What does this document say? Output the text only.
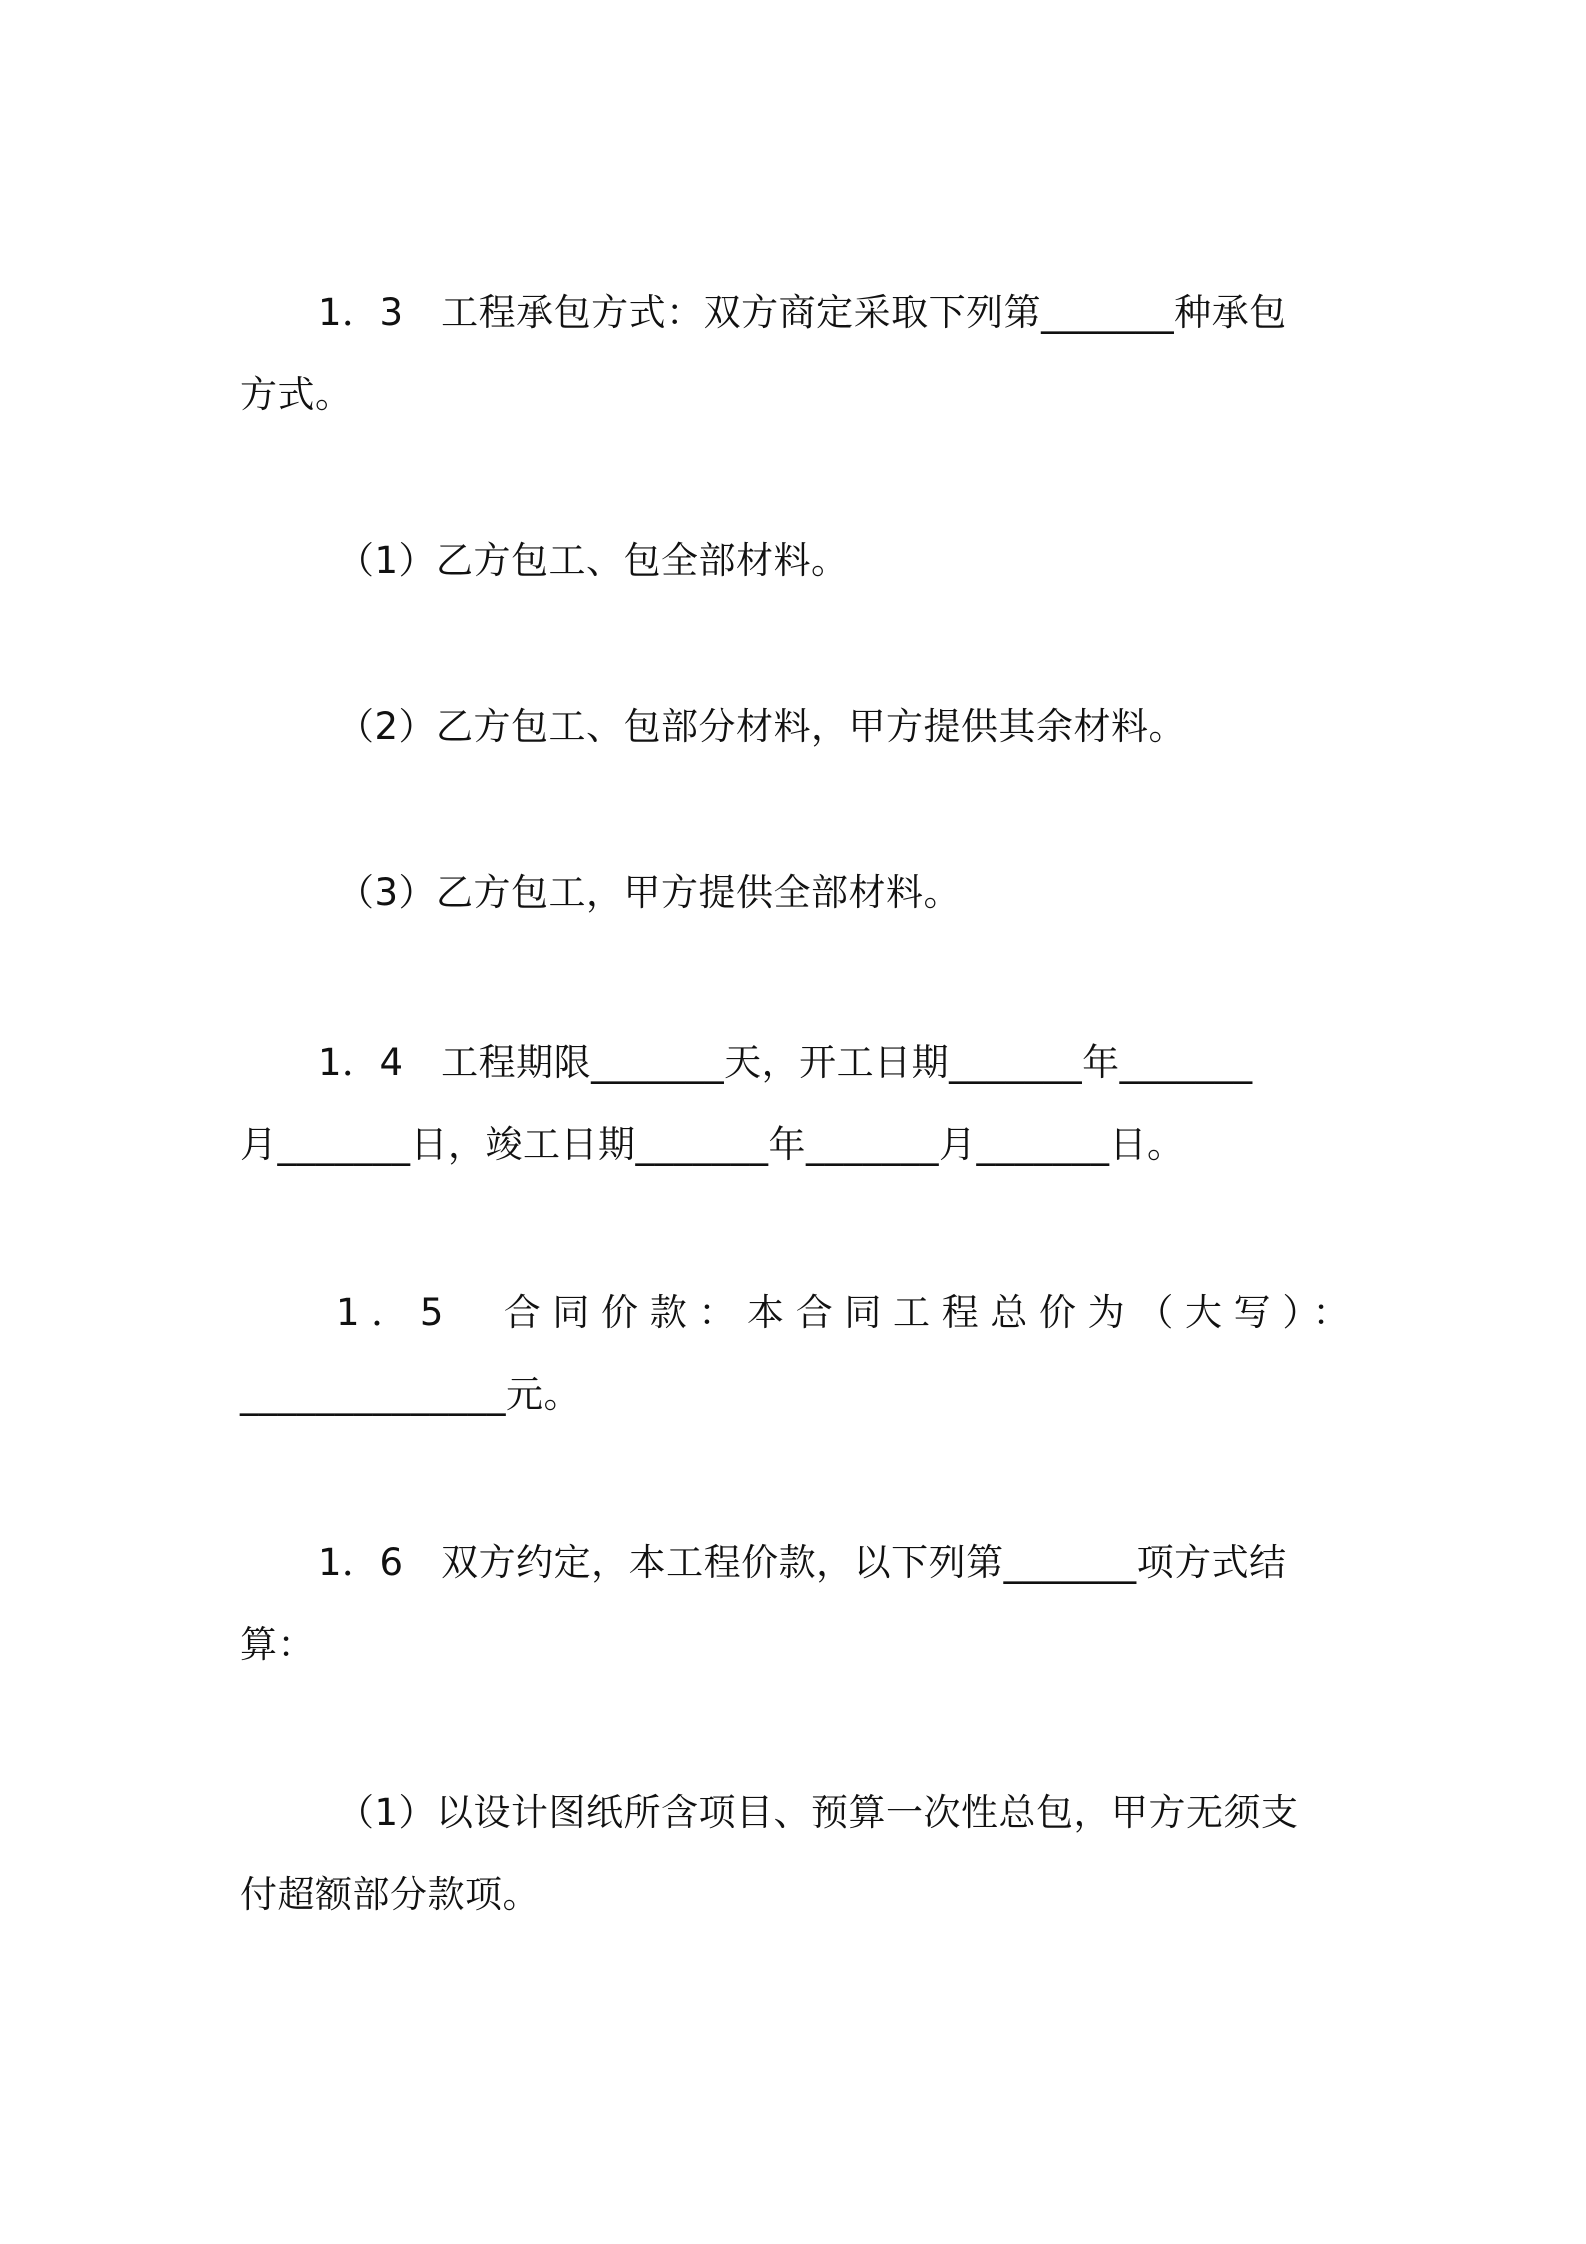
1．3　工程承包方式：双方商定采取下列第_______种承包
方式。
（1）乙方包工、包全部材料。
（2）乙方包工、包部分材料，甲方提供其余材料。
（3）乙方包工，甲方提供全部材料。
1．4　工程期限_______天，开工日期_______年_______
月_______日，竣工日期_______年_______月_______日。
1．5　合同价款：本合同工程总价为（大写）：
______________元。
1．6　双方约定，本工程价款，以下列第_______项方式结
算：
（1）以设计图纸所含项目、预算一次性总包，甲方无须支
付超额部分款项。
